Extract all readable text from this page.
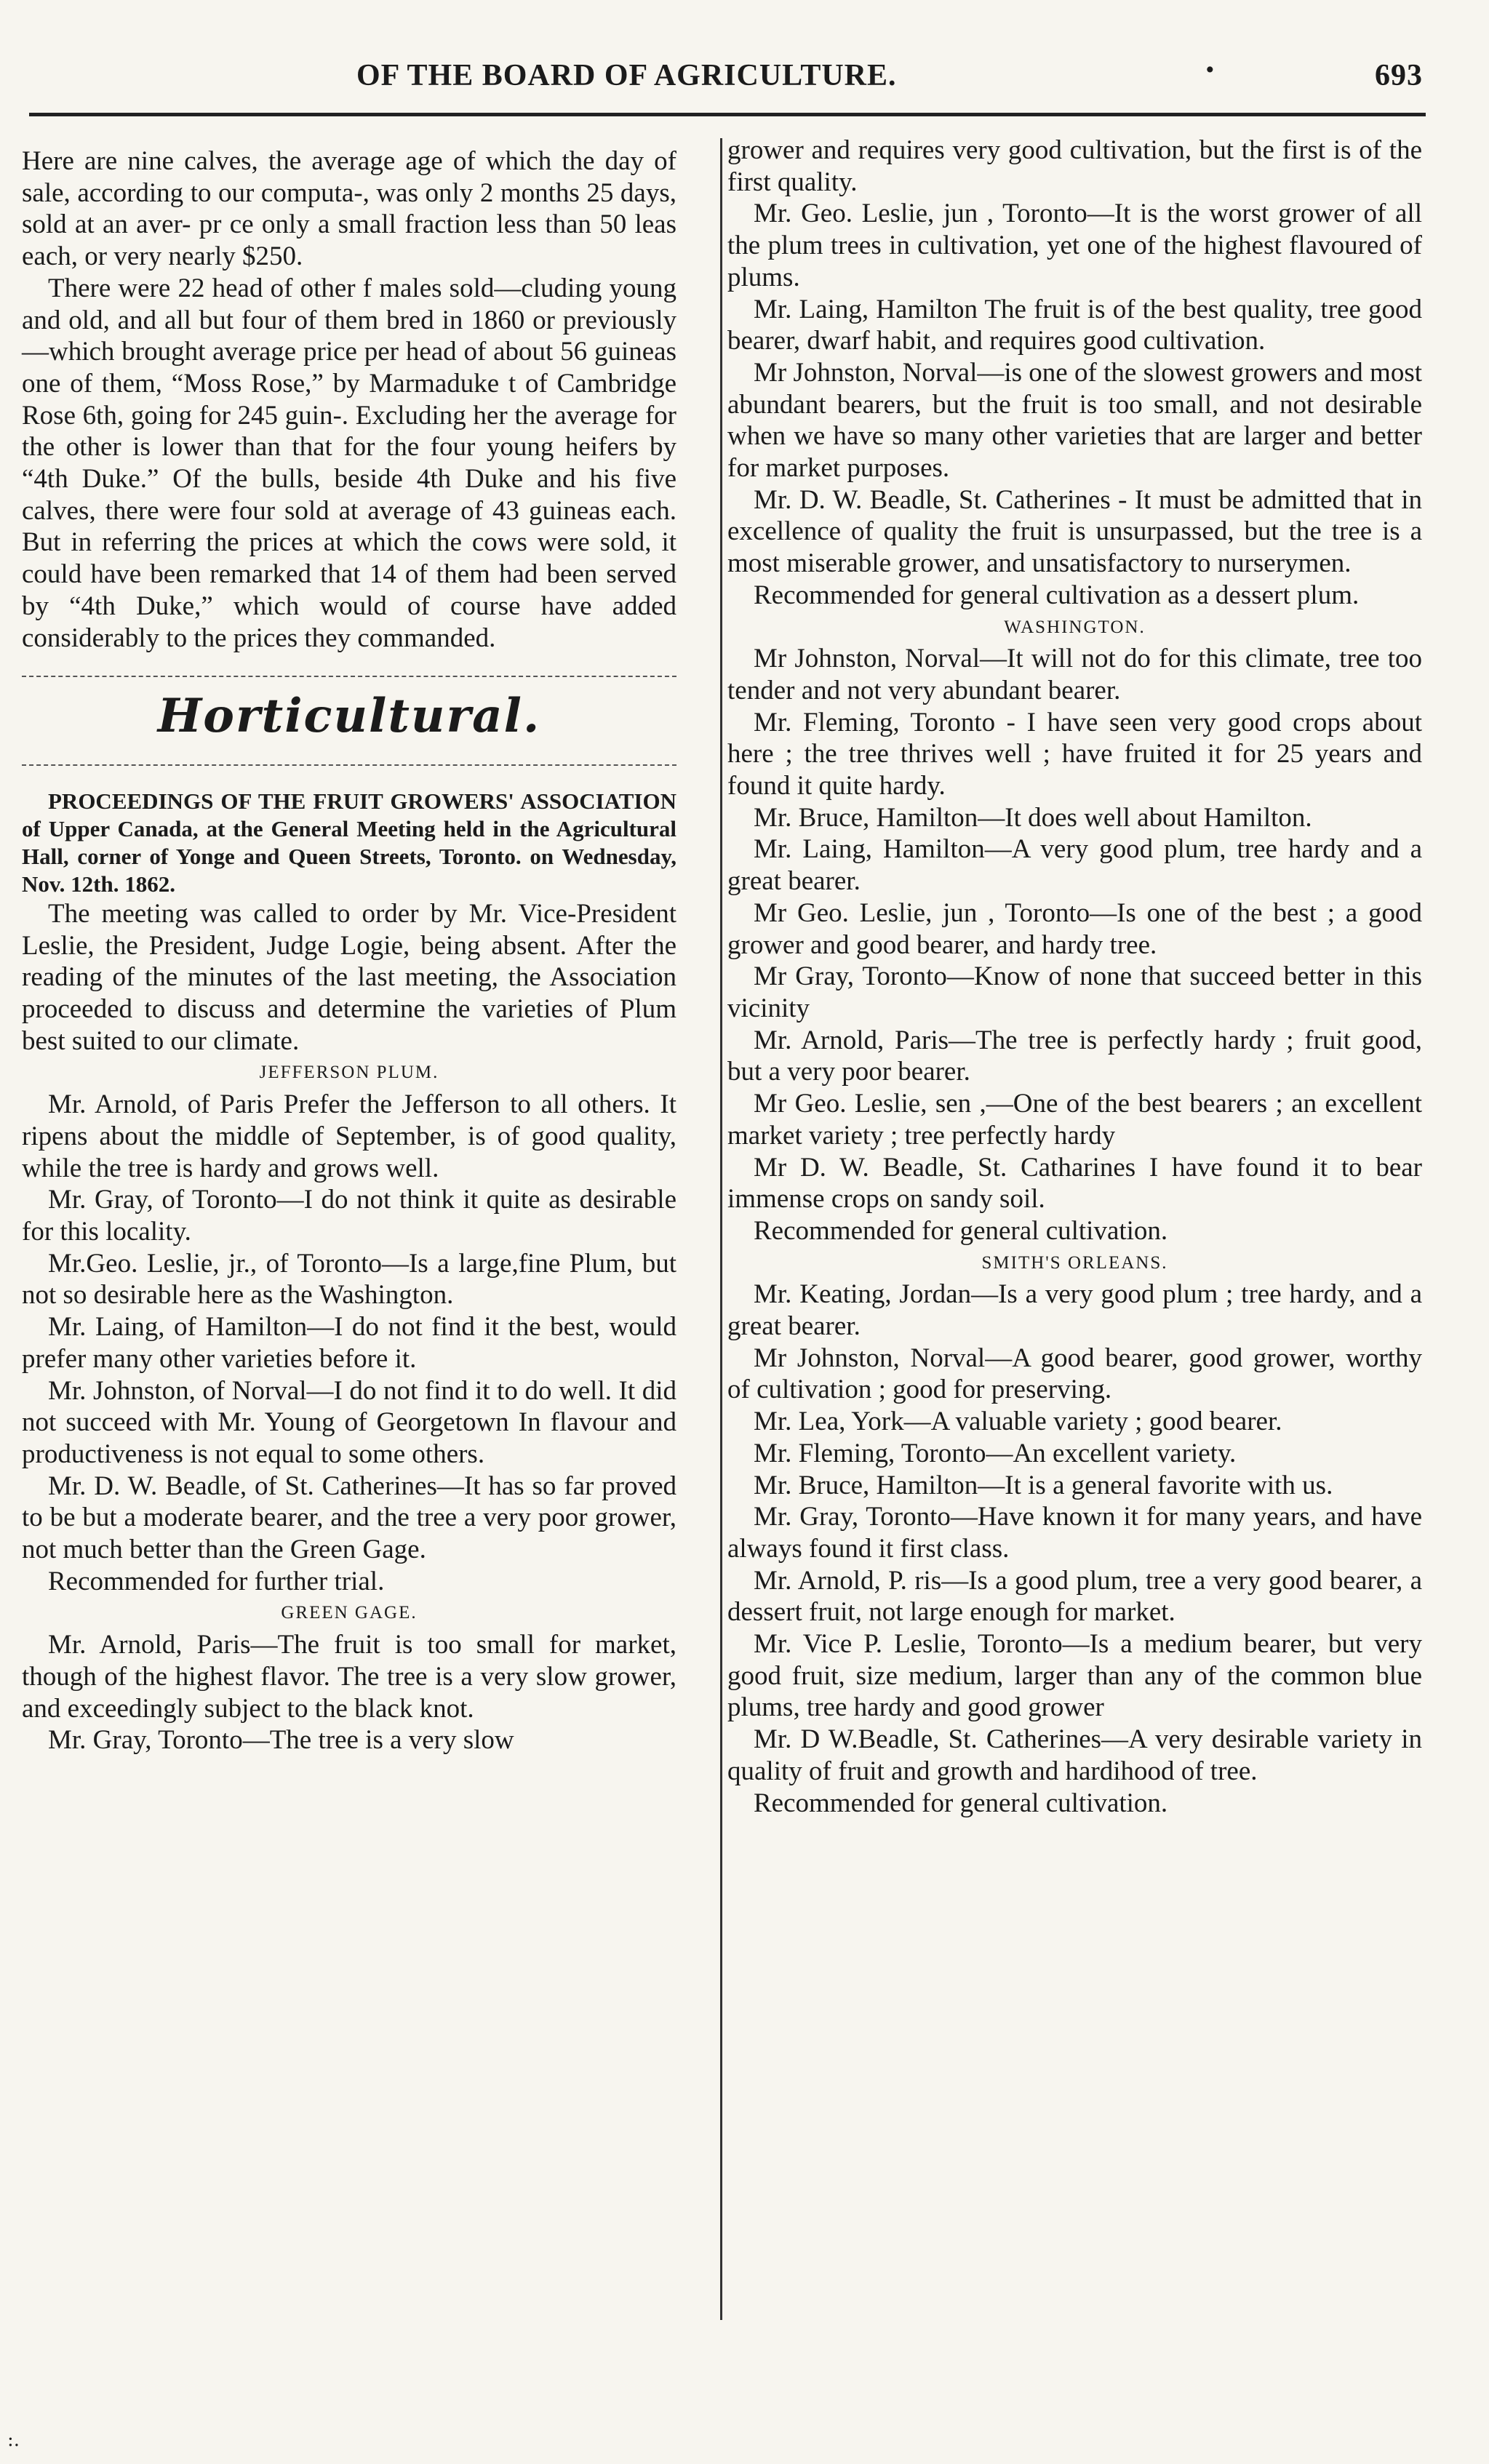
OF THE BOARD OF AGRICULTURE.	·	693

Here are nine calves, the average age of which the day of sale, according to our computa-, was only 2 months 25 days, sold at an aver- pr ce only a small fraction less than 50 leas each, or very nearly $250.

There were 22 head of other f males sold—cluding young and old, and all but four of them bred in 1860 or previously—which brought average price per head of about 56 guineas one of them, “Moss Rose,” by Marmaduke t of Cambridge Rose 6th, going for 245 guin-. Excluding her the average for the other is lower than that for the four young heifers by “4th Duke.” Of the bulls, beside 4th Duke and his five calves, there were four sold at average of 43 guineas each. But in referring the prices at which the cows were sold, it could have been remarked that 14 of them had been served by “4th Duke,” which would of course have added considerably to the prices they commanded.

Horticultural.

PROCEEDINGS OF THE FRUIT GROWERS' ASSOCIATION of Upper Canada, at the General Meeting held in the Agricultural Hall, corner of Yonge and Queen Streets, Toronto. on Wednesday, Nov. 12th. 1862.

The meeting was called to order by Mr. Vice-President Leslie, the President, Judge Logie, being absent. After the reading of the minutes of the last meeting, the Association proceeded to discuss and determine the varieties of Plum best suited to our climate.

JEFFERSON PLUM.

Mr. Arnold, of Paris Prefer the Jefferson to all others. It ripens about the middle of September, is of good quality, while the tree is hardy and grows well.

Mr. Gray, of Toronto—I do not think it quite as desirable for this locality.

Mr.Geo. Leslie, jr., of Toronto—Is a large,fine Plum, but not so desirable here as the Washington.

Mr. Laing, of Hamilton—I do not find it the best, would prefer many other varieties before it.

Mr. Johnston, of Norval—I do not find it to do well. It did not succeed with Mr. Young of Georgetown In flavour and productiveness is not equal to some others.

Mr. D. W. Beadle, of St. Catherines—It has so far proved to be but a moderate bearer, and the tree a very poor grower, not much better than the Green Gage.

Recommended for further trial.

GREEN GAGE.

Mr. Arnold, Paris—The fruit is too small for market, though of the highest flavor. The tree is a very slow grower, and exceedingly subject to the black knot.

Mr. Gray, Toronto—The tree is a very slow

grower and requires very good cultivation, but the first is of the first quality.

Mr. Geo. Leslie, jun , Toronto—It is the worst grower of all the plum trees in cultivation, yet one of the highest flavoured of plums.

Mr. Laing, Hamilton The fruit is of the best quality, tree good bearer, dwarf habit, and requires good cultivation.

Mr Johnston, Norval—is one of the slowest growers and most abundant bearers, but the fruit is too small, and not desirable when we have so many other varieties that are larger and better for market purposes.

Mr. D. W. Beadle, St. Catherines - It must be admitted that in excellence of quality the fruit is unsurpassed, but the tree is a most miserable grower, and unsatisfactory to nurserymen.

Recommended for general cultivation as a dessert plum.

WASHINGTON.

Mr Johnston, Norval—It will not do for this climate, tree too tender and not very abundant bearer.

Mr. Fleming, Toronto - I have seen very good crops about here ; the tree thrives well ; have fruited it for 25 years and found it quite hardy.

Mr. Bruce, Hamilton—It does well about Hamilton.

Mr. Laing, Hamilton—A very good plum, tree hardy and a great bearer.

Mr Geo. Leslie, jun , Toronto—Is one of the best ; a good grower and good bearer, and hardy tree.

Mr Gray, Toronto—Know of none that succeed better in this vicinity

Mr. Arnold, Paris—The tree is perfectly hardy ; fruit good, but a very poor bearer.

Mr Geo. Leslie, sen ,—One of the best bearers ; an excellent market variety ; tree perfectly hardy

Mr D. W. Beadle, St. Catharines I have found it to bear immense crops on sandy soil.

Recommended for general cultivation.

SMITH'S ORLEANS.

Mr. Keating, Jordan—Is a very good plum ; tree hardy, and a great bearer.

Mr Johnston, Norval—A good bearer, good grower, worthy of cultivation ; good for preserving.

Mr. Lea, York—A valuable variety ; good bearer.

Mr. Fleming, Toronto—An excellent variety.

Mr. Bruce, Hamilton—It is a general favorite with us.

Mr. Gray, Toronto—Have known it for many years, and have always found it first class.

Mr. Arnold, P. ris—Is a good plum, tree a very good bearer, a dessert fruit, not large enough for market.

Mr. Vice P. Leslie, Toronto—Is a medium bearer, but very good fruit, size medium, larger than any of the common blue plums, tree hardy and good grower

Mr. D W.Beadle, St. Catherines—A very desirable variety in quality of fruit and growth and hardihood of tree.

Recommended for general cultivation.

:.
